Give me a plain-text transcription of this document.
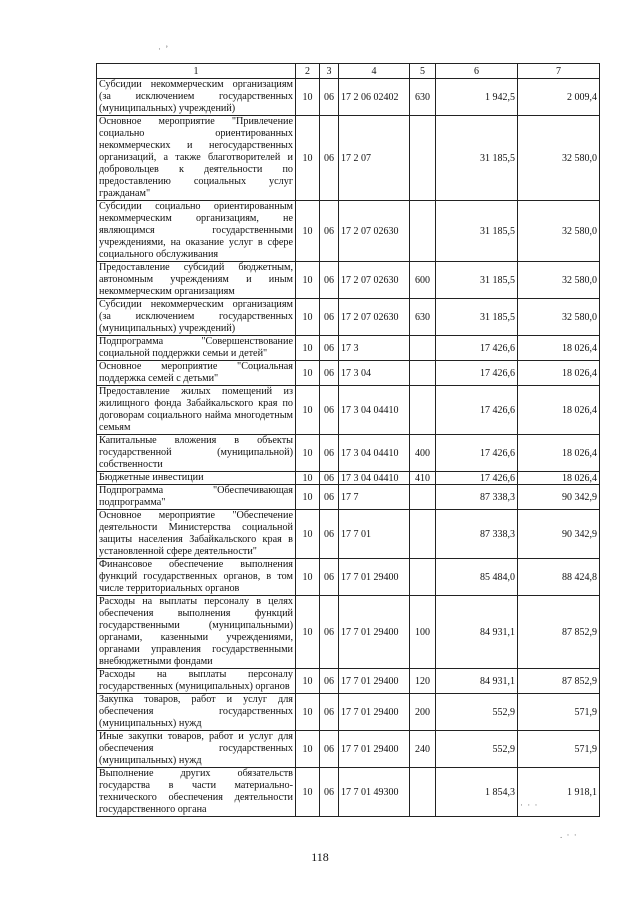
1	2	3	4	5	6	7
Субсидии некоммерческим организациям (за исключением государственных (муниципальных) учреждений)	10	06	17 2 06 02402	630	1 942,5	2 009,4
Основное мероприятие "Привлечение социально ориентированных некоммерческих и негосударственных организаций, а также благотворителей и добровольцев к деятельности по предоставлению социальных услуг гражданам"	10	06	17 2 07		31 185,5	32 580,0
Субсидии социально ориентированным некоммерческим организациям, не являющимся государственными учреждениями, на оказание услуг в сфере социального обслуживания	10	06	17 2 07 02630		31 185,5	32 580,0
Предоставление субсидий бюджетным, автономным учреждениям и иным некоммерческим организациям	10	06	17 2 07 02630	600	31 185,5	32 580,0
Субсидии некоммерческим организациям (за исключением государственных (муниципальных) учреждений)	10	06	17 2 07 02630	630	31 185,5	32 580,0
Подпрограмма "Совершенствование социальной поддержки семьи и детей"	10	06	17 3		17 426,6	18 026,4
Основное мероприятие "Социальная поддержка семей с детьми"	10	06	17 3 04		17 426,6	18 026,4
Предоставление жилых помещений из жилищного фонда Забайкальского края по договорам социального найма многодетным семьям	10	06	17 3 04 04410		17 426,6	18 026,4
Капитальные вложения в объекты государственной (муниципальной) собственности	10	06	17 3 04 04410	400	17 426,6	18 026,4
Бюджетные инвестиции	10	06	17 3 04 04410	410	17 426,6	18 026,4
Подпрограмма "Обеспечивающая подпрограмма"	10	06	17 7		87 338,3	90 342,9
Основное мероприятие "Обеспечение деятельности Министерства социальной защиты населения Забайкальского края в установленной сфере деятельности"	10	06	17 7 01		87 338,3	90 342,9
Финансовое обеспечение выполнения функций государственных органов, в том числе территориальных органов	10	06	17 7 01 29400		85 484,0	88 424,8
Расходы на выплаты персоналу в целях обеспечения выполнения функций государственными (муниципальными) органами, казенными учреждениями, органами управления государственными внебюджетными фондами	10	06	17 7 01 29400	100	84 931,1	87 852,9
Расходы на выплаты персоналу государственных (муниципальных) органов	10	06	17 7 01 29400	120	84 931,1	87 852,9
Закупка товаров, работ и услуг для обеспечения государственных (муниципальных) нужд	10	06	17 7 01 29400	200	552,9	571,9
Иные закупки товаров, работ и услуг для обеспечения государственных (муниципальных) нужд	10	06	17 7 01 29400	240	552,9	571,9
Выполнение других обязательств государства в части материально-технического обеспечения деятельности государственного органа	10	06	17 7 01 49300		1 854,3	1 918,1
118
· ʼ
· · ·
. · ·
